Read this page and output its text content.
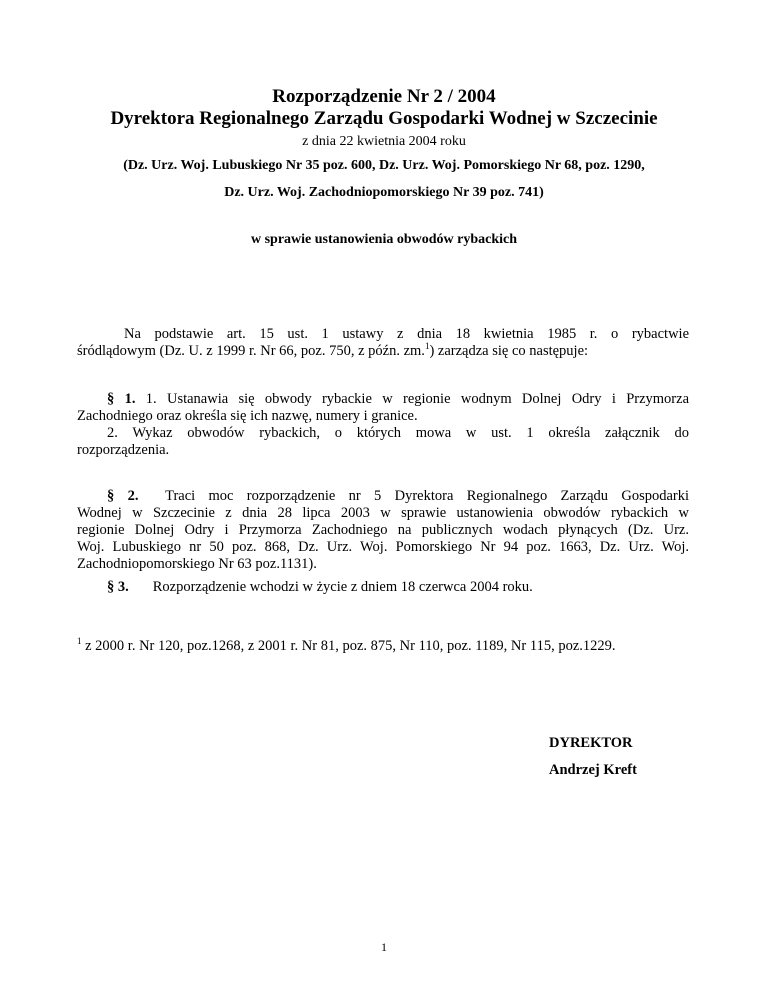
Rozporządzenie Nr 2 / 2004
Dyrektora Regionalnego Zarządu Gospodarki Wodnej w Szczecinie
z dnia 22 kwietnia 2004 roku
(Dz. Urz. Woj. Lubuskiego Nr 35 poz. 600, Dz. Urz. Woj. Pomorskiego Nr 68, poz. 1290,
Dz. Urz. Woj. Zachodniopomorskiego Nr 39 poz. 741)
w sprawie ustanowienia obwodów rybackich
Na podstawie art. 15 ust. 1 ustawy z dnia 18 kwietnia 1985 r. o rybactwie
śródlądowym (Dz. U. z 1999 r. Nr 66, poz. 750, z późn. zm.$^1$) zarządza się co następuje:
§ 1. 1. Ustanawia się obwody rybackie w regionie wodnym Dolnej Odry i Przymorza
Zachodniego oraz określa się ich nazwę, numery i granice.
2. Wykaz obwodów rybackich, o których mowa w ust. 1 określa załącznik do
rozporządzenia.
§ 2. Traci moc rozporządzenie nr 5 Dyrektora Regionalnego Zarządu Gospodarki
Wodnej w Szczecinie z dnia 28 lipca 2003 w sprawie ustanowienia obwodów rybackich w
regionie Dolnej Odry i Przymorza Zachodniego na publicznych wodach płynących (Dz. Urz.
Woj. Lubuskiego nr 50 poz. 868, Dz. Urz. Woj. Pomorskiego Nr 94 poz. 1663, Dz. Urz. Woj.
Zachodniopomorskiego Nr 63 poz.1131).
§ 3. Rozporządzenie wchodzi w życie z dniem 18 czerwca 2004 roku.
$^1$ z 2000 r. Nr 120, poz.1268, z 2001 r. Nr 81, poz. 875, Nr 110, poz. 1189, Nr 115, poz.1229.
DYREKTOR
Andrzej Kreft
1
